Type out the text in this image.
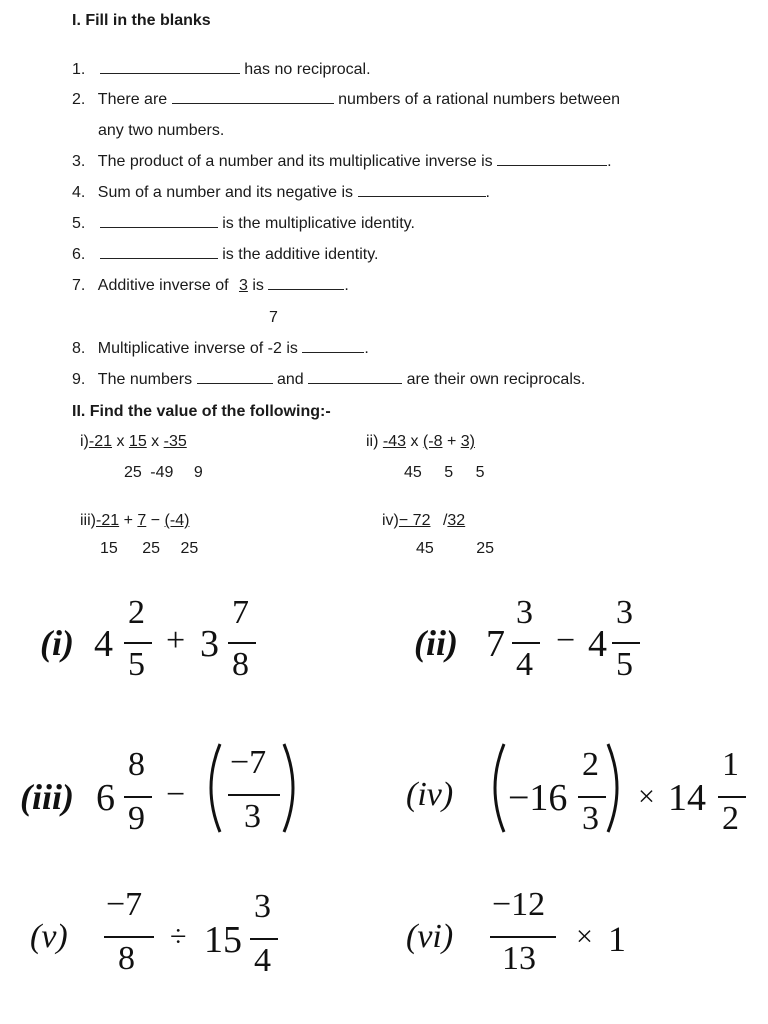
I. Fill in the blanks
1.	has no reciprocal.
2. There are	numbers of a rational numbers between
any two numbers.
3. The product of a number and its multiplicative inverse is	.
4. Sum of a number and its negative is	.
5.	is the multiplicative identity.
6.	is the additive identity.
7. Additive inverse of 3 is	.
7
8. Multiplicative inverse of -2 is	.
9. The numbers	and	are their own reciprocals.
II. Find the value of the following:-
i)-21 x 15 x -35
25 -49 9
ii) -43 x (-8 + 3)
45 5 5
iii)-21 + 7 − (-4)
15 25 25
iv)− 72 /32
45	25
(i) 4
2
5
+ 3
7
8
(ii) 7
3
4
− 4
3
5
(iii) 6
8
9
−
−7
3
(iv) −16
2
3
× 14
1
2
(v)
−7
8
÷ 15
3
4
(vi)
−12
13
× 1
